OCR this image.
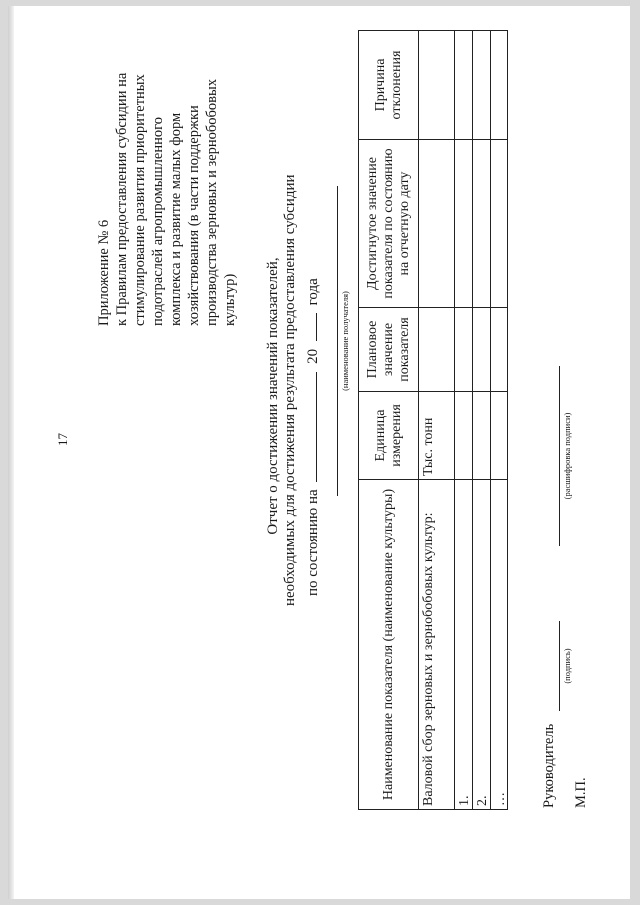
17
Приложение № 6 к Правилам предоставления субсидии на стимулирование развития приоритетных подотраслей агропромышленного комплекса и развитие малых форм хозяйствования (в части поддержки производства зерновых и зернобобовых культур) Отчет о достижении значений показателей, необходимых для достижения результата предоставления субсидии по состоянию на  20  года (наименование получателя)
Наименование показателя (наименование культуры)
Единица измерения
Плановое значение показателя
Достигнутое значение показателя по состоянию на отчетную дату
Причина отклонения
Валовой сбор зерновых и зернобобовых культур:
Тыс. тонн
1. 2. … Руководитель
(подпись)
(расшифровка подписи)
М.П.
